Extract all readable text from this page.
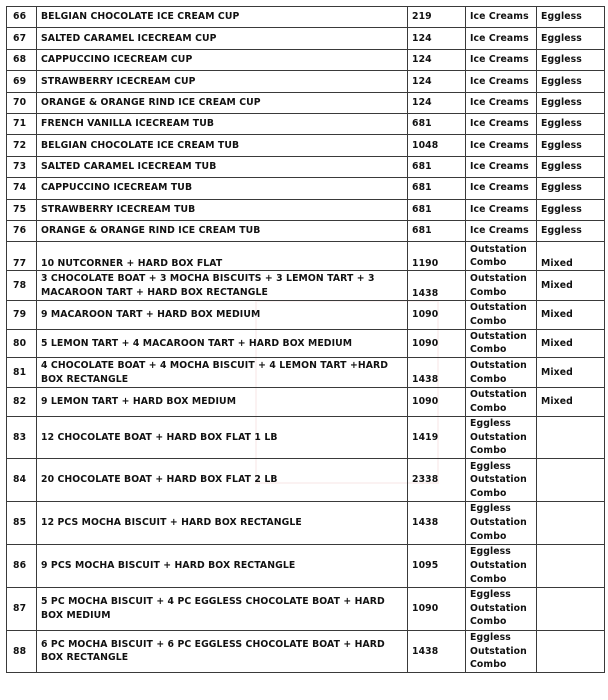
66	BELGIAN CHOCOLATE ICE CREAM CUP	219	Ice Creams	Eggless
67	SALTED CARAMEL ICECREAM CUP	124	Ice Creams	Eggless
68	CAPPUCCINO ICECREAM CUP	124	Ice Creams	Eggless
69	STRAWBERRY ICECREAM CUP	124	Ice Creams	Eggless
70	ORANGE & ORANGE RIND ICE CREAM CUP	124	Ice Creams	Eggless
71	FRENCH VANILLA ICECREAM TUB	681	Ice Creams	Eggless
72	BELGIAN CHOCOLATE ICE CREAM TUB	1048	Ice Creams	Eggless
73	SALTED CARAMEL ICECREAM TUB	681	Ice Creams	Eggless
74	CAPPUCCINO ICECREAM TUB	681	Ice Creams	Eggless
75	STRAWBERRY ICECREAM TUB	681	Ice Creams	Eggless
76	ORANGE & ORANGE RIND ICE CREAM TUB	681	Ice Creams	Eggless
77	10 NUTCORNER + HARD BOX FLAT	1190	Outstation
Combo	Mixed
78	3 CHOCOLATE BOAT + 3 MOCHA BISCUITS + 3 LEMON TART + 3 MACAROON TART + HARD BOX RECTANGLE	1438	Outstation
Combo	Mixed
79	9 MACAROON TART + HARD BOX MEDIUM	1090	Outstation
Combo	Mixed
80	5 LEMON TART + 4 MACAROON TART + HARD BOX MEDIUM	1090	Outstation
Combo	Mixed
81	4 CHOCOLATE BOAT + 4 MOCHA BISCUIT + 4 LEMON TART +HARD BOX RECTANGLE	1438	Outstation
Combo	Mixed
82	9 LEMON TART + HARD BOX MEDIUM	1090	Outstation
Combo	Mixed
83	12 CHOCOLATE BOAT + HARD BOX FLAT 1 LB	1419	Eggless
Outstation
Combo	
84	20 CHOCOLATE BOAT + HARD BOX FLAT 2 LB	2338	Eggless
Outstation
Combo	
85	12 PCS MOCHA BISCUIT + HARD BOX RECTANGLE	1438	Eggless
Outstation
Combo	
86	9 PCS MOCHA BISCUIT + HARD BOX RECTANGLE	1095	Eggless
Outstation
Combo	
87	5 PC MOCHA BISCUIT + 4 PC EGGLESS CHOCOLATE BOAT + HARD BOX MEDIUM	1090	Eggless
Outstation
Combo	
88	6 PC MOCHA BISCUIT + 6 PC EGGLESS CHOCOLATE BOAT + HARD BOX RECTANGLE	1438	Eggless
Outstation
Combo	
